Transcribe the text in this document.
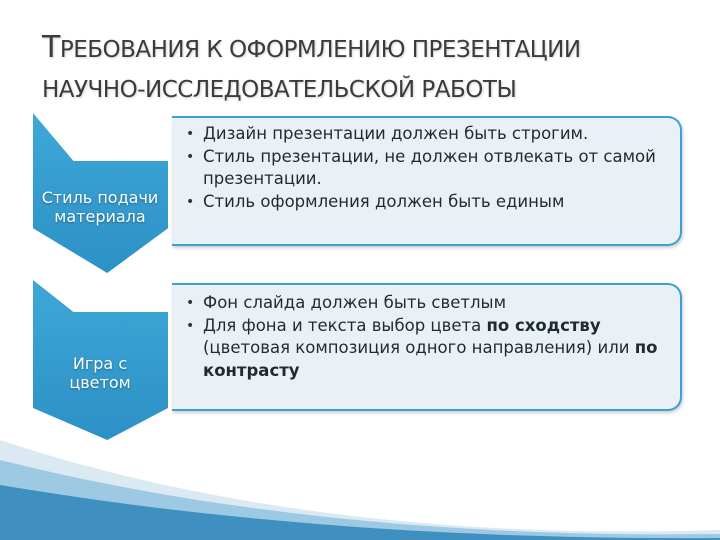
ТРЕБОВАНИЯ К ОФОРМЛЕНИЮ ПРЕЗЕНТАЦИИ
НАУЧНО-ИССЛЕДОВАТЕЛЬСКОЙ РАБОТЫ
Стиль подачи
материала
• Дизайн презентации должен быть строгим.
• Стиль презентации, не должен отвлекать от самой презентации.
• Стиль оформления должен быть единым
Игра с
цветом
• Фон слайда должен быть светлым
• Для фона и текста выбор цвета по сходству (цветовая композиция одного направления) или по контрасту
